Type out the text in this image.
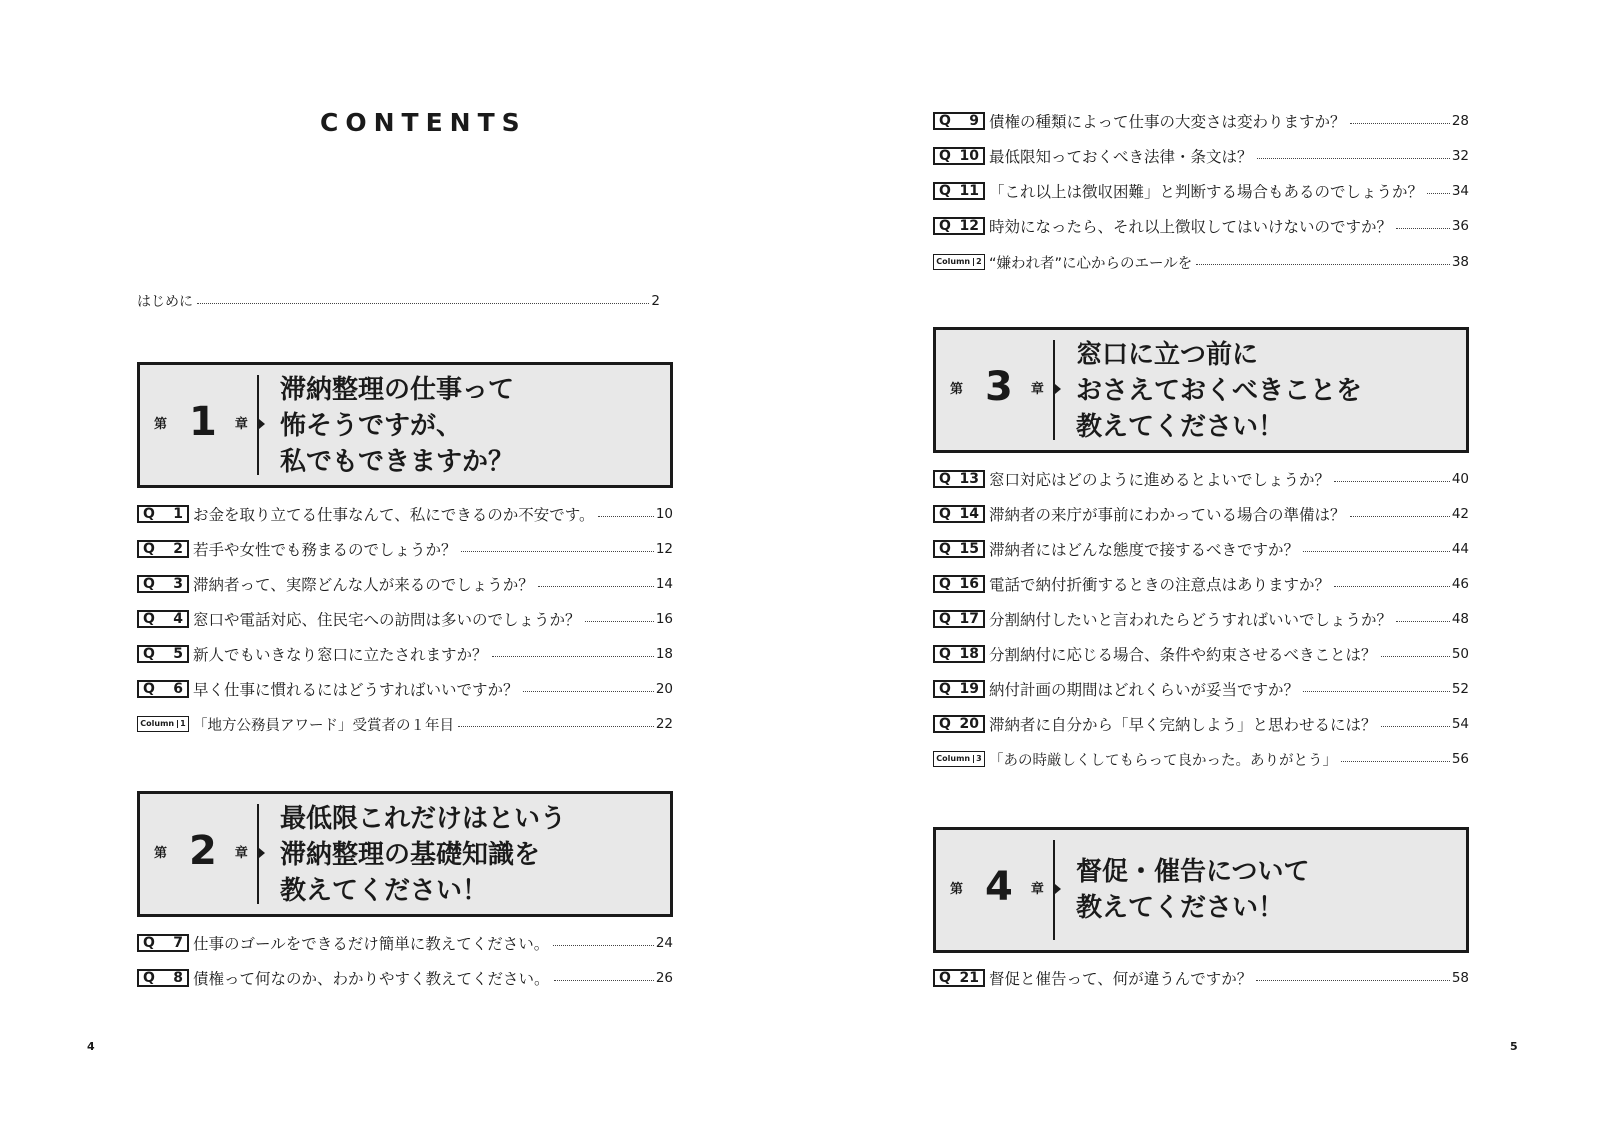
CONTENTS
はじめに	2
第 1 章
滞納整理の仕事って
怖そうですが、
私でもできますか？
Q 1 お金を取り立てる仕事なんて、私にできるのか不安です。	10
Q 2 若手や女性でも務まるのでしょうか？	12
Q 3 滞納者って、実際どんな人が来るのでしょうか？	14
Q 4 窓口や電話対応、住民宅への訪問は多いのでしょうか？	16
Q 5 新人でもいきなり窓口に立たされますか？	18
Q 6 早く仕事に慣れるにはどうすればいいですか？	20
Column 1 「地方公務員アワード」受賞者の１年目	22
第 2 章
最低限これだけはという
滞納整理の基礎知識を
教えてください！
Q 7 仕事のゴールをできるだけ簡単に教えてください。	24
Q 8 債権って何なのか、わかりやすく教えてください。	26
4
Q 9 債権の種類によって仕事の大変さは変わりますか？	28
Q 10 最低限知っておくべき法律・条文は？	32
Q 11 「これ以上は徴収困難」と判断する場合もあるのでしょうか？ 34
Q 12 時効になったら、それ以上徴収してはいけないのですか？	36
Column 2 “嫌われ者”に心からのエールを	38
第 3 章
窓口に立つ前に
おさえておくべきことを
教えてください！
Q 13 窓口対応はどのように進めるとよいでしょうか？	40
Q 14 滞納者の来庁が事前にわかっている場合の準備は？	42
Q 15 滞納者にはどんな態度で接するべきですか？	44
Q 16 電話で納付折衝するときの注意点はありますか？	46
Q 17 分割納付したいと言われたらどうすればいいでしょうか？	48
Q 18 分割納付に応じる場合、条件や約束させるべきことは？	50
Q 19 納付計画の期間はどれくらいが妥当ですか？	52
Q 20 滞納者に自分から「早く完納しよう」と思わせるには？	54
Column 3 「あの時厳しくしてもらって良かった。ありがとう」	56
第 4 章
督促・催告について
教えてください！
Q 21 督促と催告って、何が違うんですか？	58
5
